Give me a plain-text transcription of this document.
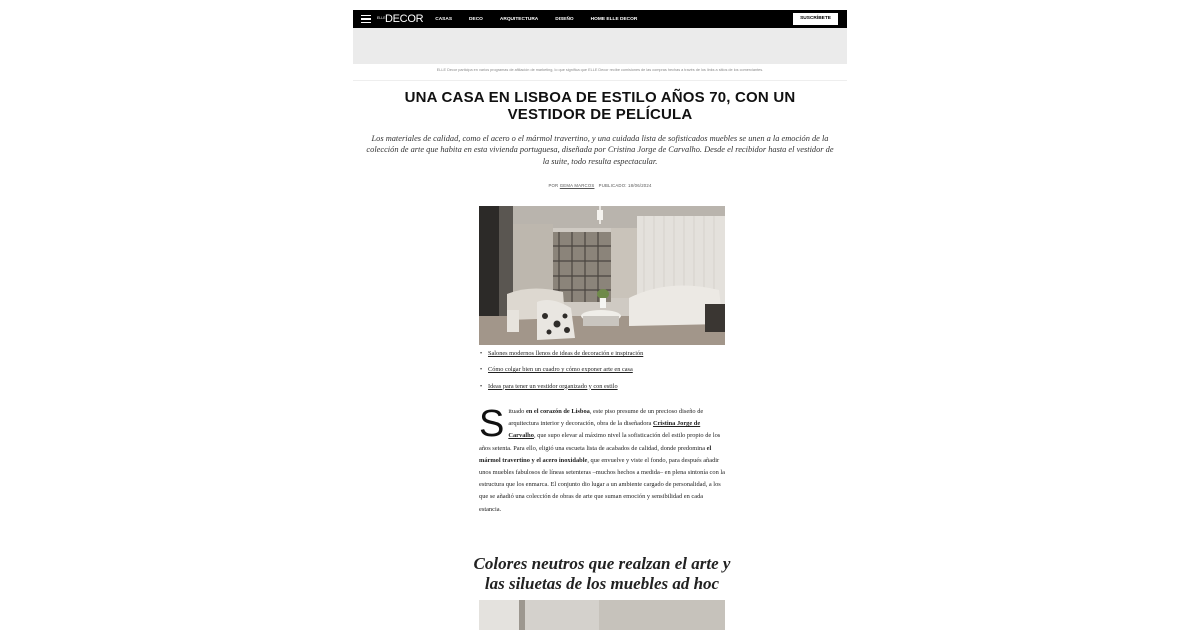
ELLE DECOR	CASAS	DECO	ARQUITECTURA	DISEÑO	HOME ELLE DECOR	SUSCRÍBETE
ELLE Decor participa en varios programas de afiliación de marketing, lo que significa que ELLE Decor recibe comisiones de las compras hechas a través de los links a sitios de los comerciantes.
UNA CASA EN LISBOA DE ESTILO AÑOS 70, CON UN VESTIDOR DE PELÍCULA

Los materiales de calidad, como el acero o el mármol travertino, y una cuidada lista de sofisticados muebles se unen a la emoción de la colección de arte que habita en esta vivienda portuguesa, diseñada por Cristina Jorge de Carvalho. Desde el recibidor hasta el vestidor de la suite, todo resulta espectacular.

POR GEMA MARCOS PUBLICADO: 18/06/2024
• Salones modernos llenos de ideas de decoración e inspiración
• Cómo colgar bien un cuadro y cómo exponer arte en casa
• Ideas para tener un vestidor organizado y con estilo

Situado en el corazón de Lisboa, este piso presume de un precioso diseño de arquitectura interior y decoración, obra de la diseñadora Cristina Jorge de Carvalho, que supo elevar al máximo nivel la sofisticación del estilo propio de los años setenta. Para ello, eligió una escueta lista de acabados de calidad, donde predomina el mármol travertino y el acero inoxidable, que envuelve y viste el fondo, para después añadir unos muebles fabulosos de líneas setenteras –muchos hechos a medida– en plena sintonía con la estructura que los enmarca. El conjunto dio lugar a un ambiente cargado de personalidad, a los que se añadió una colección de obras de arte que suman emoción y sensibilidad en cada estancia.

Colores neutros que realzan el arte y las siluetas de los muebles ad hoc
